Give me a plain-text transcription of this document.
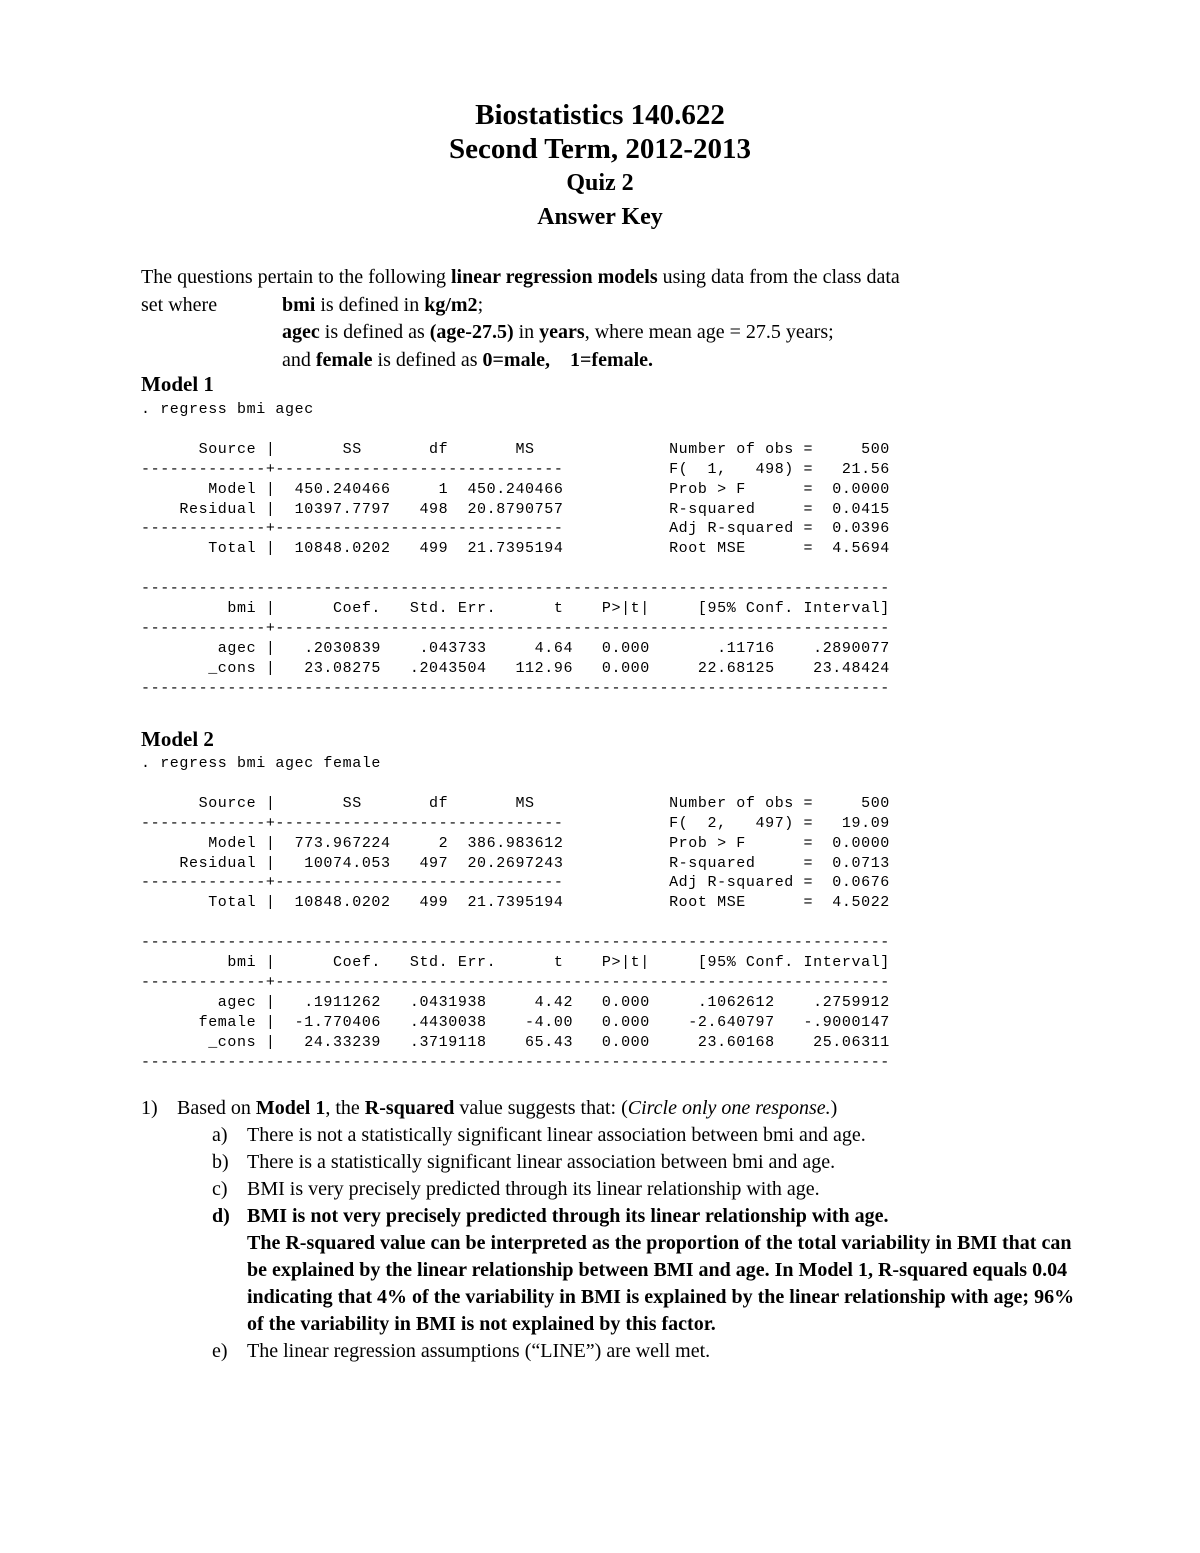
Biostatistics 140.622
Second Term, 2012-2013
Quiz 2
Answer Key
The questions pertain to the following linear regression models using data from the class data
set where	bmi is defined in kg/m2;
agec is defined as (age-27.5) in years, where mean age = 27.5 years;
and female is defined as 0=male,    1=female.
Model 1
. regress bmi agec

Source |       SS       df       MS              Number of obs =     500
-------------+------------------------------           F(  1,   498) =   21.56
Model |  450.240466     1  450.240466           Prob > F      =  0.0000
Residual |  10397.7797   498  20.8790757           R-squared     =  0.0415
-------------+------------------------------           Adj R-squared =  0.0396
Total |  10848.0202   499  21.7395194           Root MSE      =  4.5694

------------------------------------------------------------------------------
bmi |      Coef.   Std. Err.      t    P>|t|     [95% Conf. Interval]
-------------+----------------------------------------------------------------
agec |   .2030839    .043733     4.64   0.000       .11716    .2890077
_cons |   23.08275   .2043504   112.96   0.000     22.68125    23.48424
------------------------------------------------------------------------------
Model 2
. regress bmi agec female

Source |       SS       df       MS              Number of obs =     500
-------------+------------------------------           F(  2,   497) =   19.09
Model |  773.967224     2  386.983612           Prob > F      =  0.0000
Residual |   10074.053   497  20.2697243           R-squared     =  0.0713
-------------+------------------------------           Adj R-squared =  0.0676
Total |  10848.0202   499  21.7395194           Root MSE      =  4.5022

------------------------------------------------------------------------------
bmi |      Coef.   Std. Err.      t    P>|t|     [95% Conf. Interval]
-------------+----------------------------------------------------------------
agec |   .1911262   .0431938     4.42   0.000     .1062612    .2759912
female |  -1.770406   .4430038    -4.00   0.000    -2.640797   -.9000147
_cons |   24.33239   .3719118    65.43   0.000     23.60168    25.06311
------------------------------------------------------------------------------
1) Based on Model 1, the R-squared value suggests that: (Circle only one response.)
a) There is not a statistically significant linear association between bmi and age.
b) There is a statistically significant linear association between bmi and age.
c) BMI is very precisely predicted through its linear relationship with age.
d) BMI is not very precisely predicted through its linear relationship with age.
The R-squared value can be interpreted as the proportion of the total variability in BMI that can be explained by the linear relationship between BMI and age. In Model 1, R-squared equals 0.04 indicating that 4% of the variability in BMI is explained by the linear relationship with age; 96% of the variability in BMI is not explained by this factor.
e) The linear regression assumptions (“LINE”) are well met.
